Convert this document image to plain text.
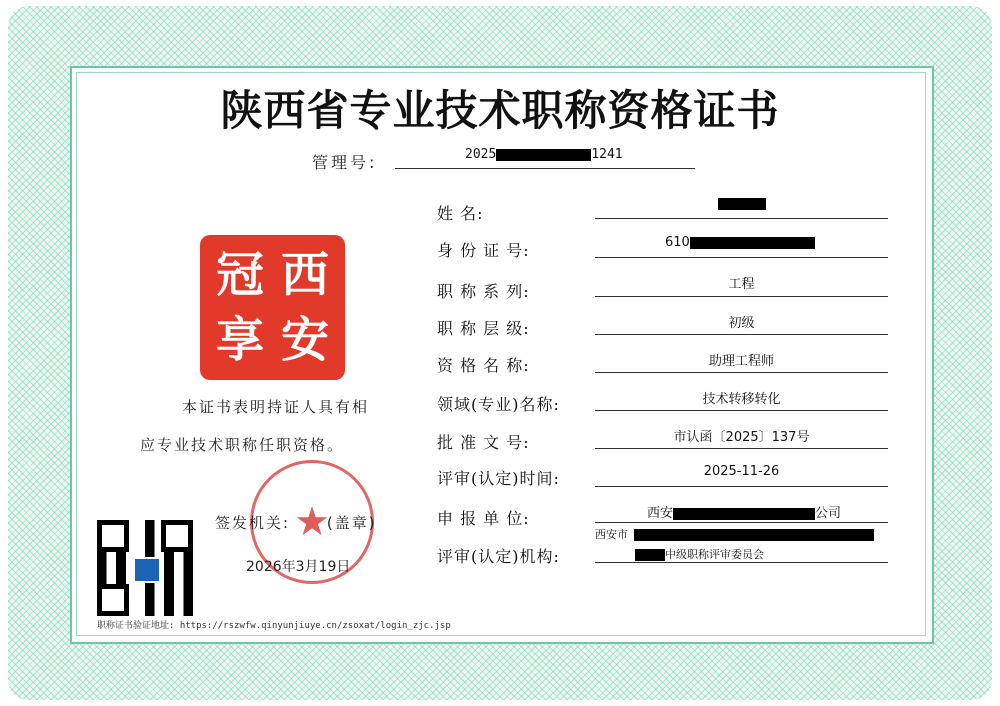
陕西省专业技术职称资格证书
管理号:	2025	1241
西
冠
安
享
本证书表明持证人具有相
应专业技术职称任职资格。
★
签发机关: (盖章)
2026年3月19日
职称证书验证地址: https://rszwfw.qinyunjiuye.cn/zsoxat/login_zjc.jsp
姓 名:
身 份 证 号:	610
职 称 系 列:	工程
职 称 层 级:	初级
资 格 名 称:	助理工程师
领域(专业)名称:	技术转移转化
批 准 文 号:	市认函〔2025〕137号
评审(认定)时间:	2025-11-26
申 报 单 位:	西安	公司
评审(认定)机构:
西安市
中级职称评审委员会
